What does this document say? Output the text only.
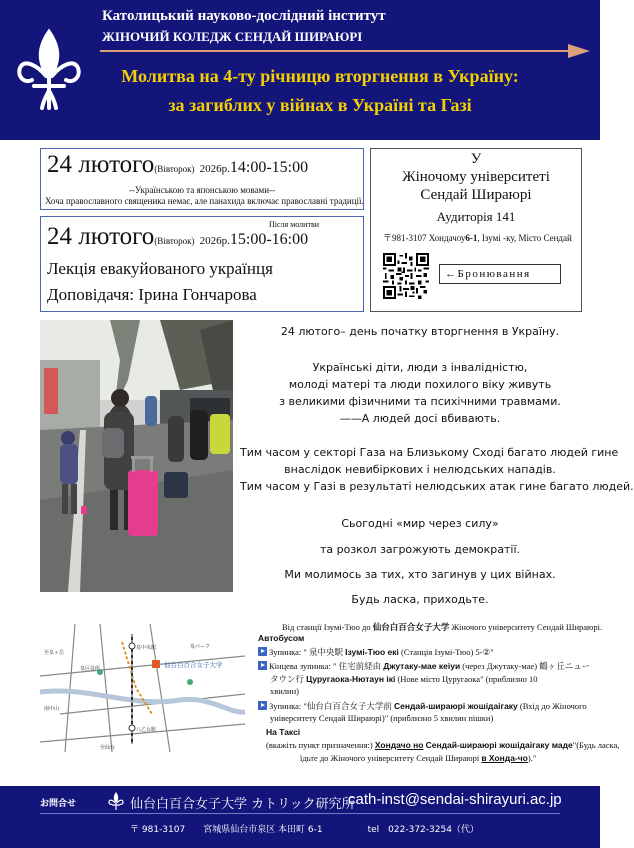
Католицький науково-дослідний інститут
ЖІНОЧИЙ КОЛЕДЖ СЕНДАЙ ШИРАЮРІ
Молитва на 4-ту річницю вторгнення в Україну:
за загиблих у війнах в Україні та Газі
24 лютого(Вівторок) 2026р.14:00-15:00
--Українською та японською мовами--
Хоча православного священика немає, але панахида включає православні традиції.
Після молитви
24 лютого(Вівторок) 2026р.15:00-16:00
Лекція евакуйованого українця
Доповідачя: Ірина Гончарова
У
Жіночому університеті
Сендай Шираюрі
Аудиторія 141
〒981-3107 Хондачоу6-1, Ізумі -ку, Місто Сендай
←Бронювання
24 лютого– день початку вторгнення в Україну.
Українські діти, люди з інвалідністю,
молоді матері та люди похилого віку живуть
з великими фізичними та психічними травмами.
——А людей досі вбивають.
Тим часом у секторі Газа на Близькому Сході багато людей гине
внаслідок невибіркових і нелюдських нападів.
Тим часом у Газі в результаті нелюдських атак гине багато людей.
Сьогодні «мир через силу»
та розкол загрожують демократії.
Ми молимось за тих, хто загинув у цих війнах.
Будь ласка, приходьте.
仙台白百合女子大学
泉中央駅
八乙女駅
泉区役所
至仙台
至泉ヶ岳
南中山
泉パーク
Від станції Ізумі-Тюо до 仙台白百合女子大学 Жіночого університету Сендай Шираюрі.
Автобусом
Зупинка: " 泉中央駅 Ізумі-Тюо екі (Станція Ізумі-Тюо) 5-②"
Кінцева зупинка: " 住宅前経由 Джутаку-мае кеіуи (через Джутаку-мае) 鶴ヶ丘ニュー
タウン行 Цуругаока-Нютаун ікі (Нове місто Цуругаока" (приблизно 10
хвилин)
Зупинка: "仙台白百合女子大学前 Сендай-шираюрі жошідаігаку (Вхід до Жіночого
університету Сендай Шираюрі)" (приблизно 5 хвилин пішки)
На Таксі
(вкажіть пункт призначення:) Хондачо но Сендай-шираюрі жошідаігаку маде"(Будь ласка,
їдьте до Жіночого університету Сендай Шираюрі в Хонда-чо)."
お問合せ	仙台白百合女子大学 カトリック研究所
cath-inst@sendai-shirayuri.ac.jp
〒 981-3107　　宮城県仙台市泉区 本田町 6-1　　　　　tel　022-372-3254（代）
